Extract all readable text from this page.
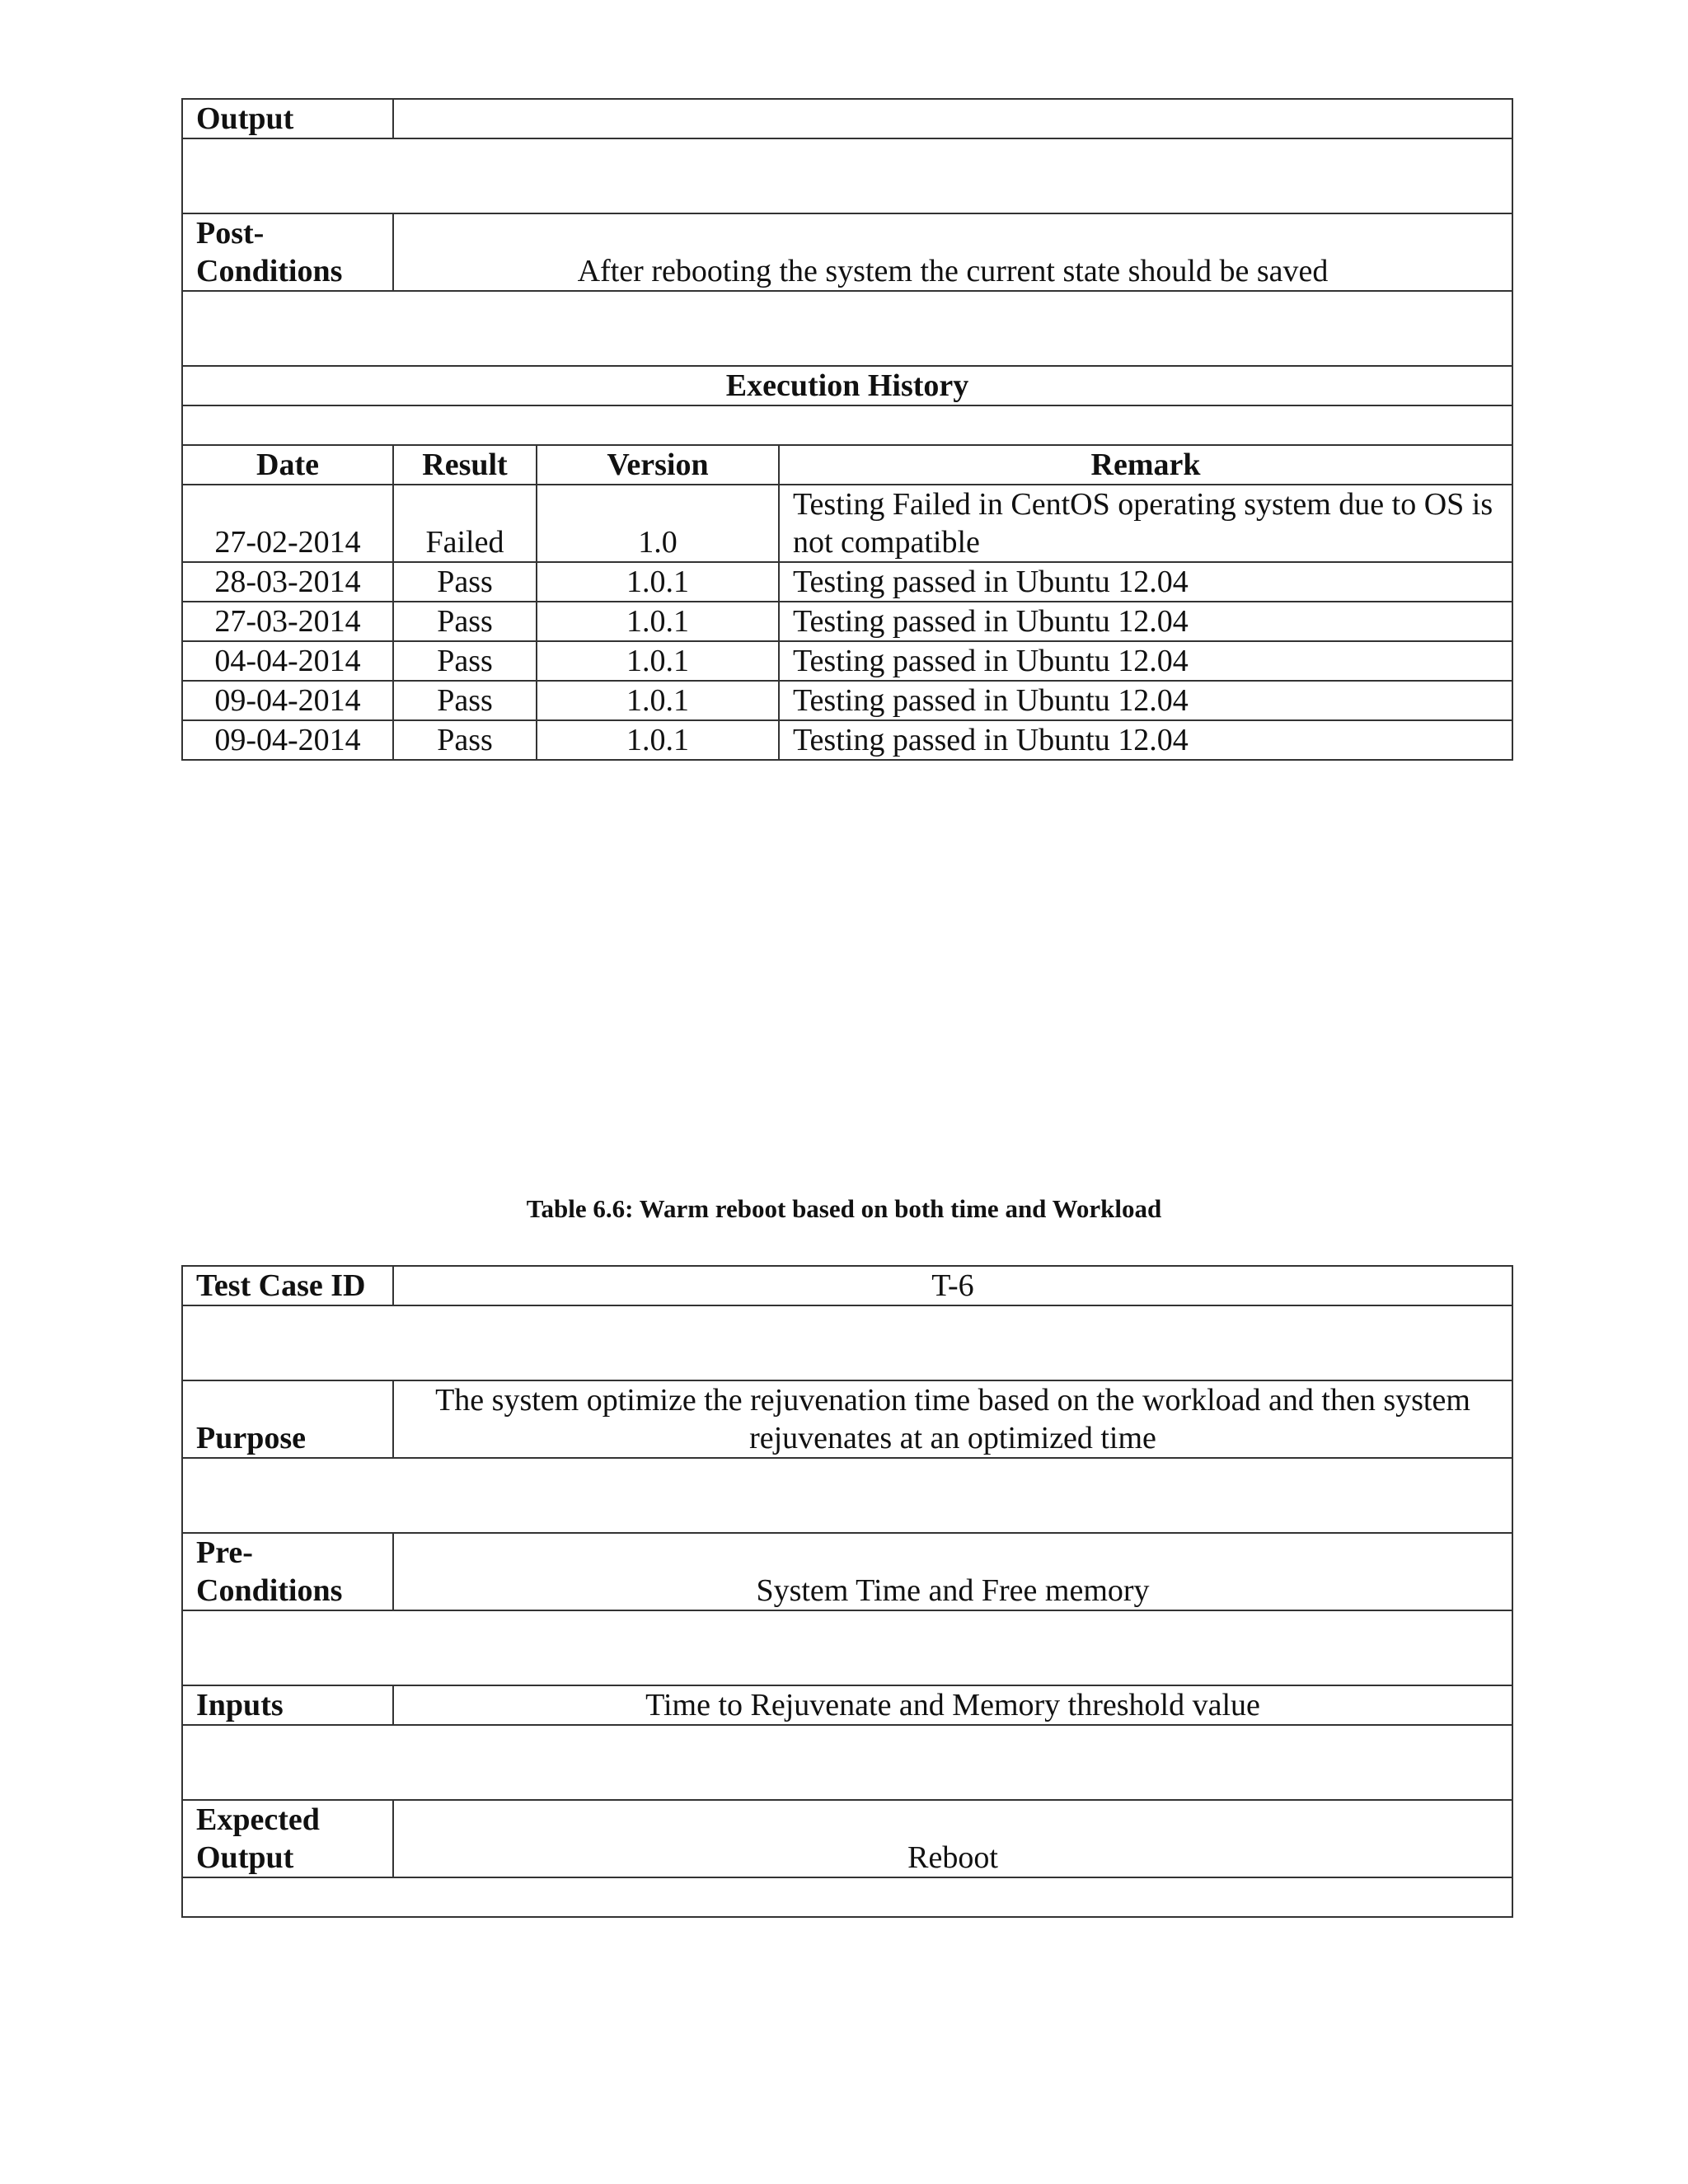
Output			

Post-
Conditions	After rebooting the system the current state should be saved		

Execution History			

Date	Result	Version	Remark
27-02-2014	Failed	1.0	Testing Failed in CentOS operating system due to OS is not compatible
28-03-2014	Pass	1.0.1	Testing passed in Ubuntu 12.04
27-03-2014	Pass	1.0.1	Testing passed in Ubuntu 12.04
04-04-2014	Pass	1.0.1	Testing passed in Ubuntu 12.04
09-04-2014	Pass	1.0.1	Testing passed in Ubuntu 12.04
09-04-2014	Pass	1.0.1	Testing passed in Ubuntu 12.04
Table 6.6: Warm reboot based on both time and Workload
Test Case ID	T-6

Purpose	The system optimize the rejuvenation time based on the workload and then system rejuvenates at an optimized time

Pre-
Conditions	System Time and Free memory

Inputs	Time to Rejuvenate and Memory threshold value

Expected
Output	Reboot
